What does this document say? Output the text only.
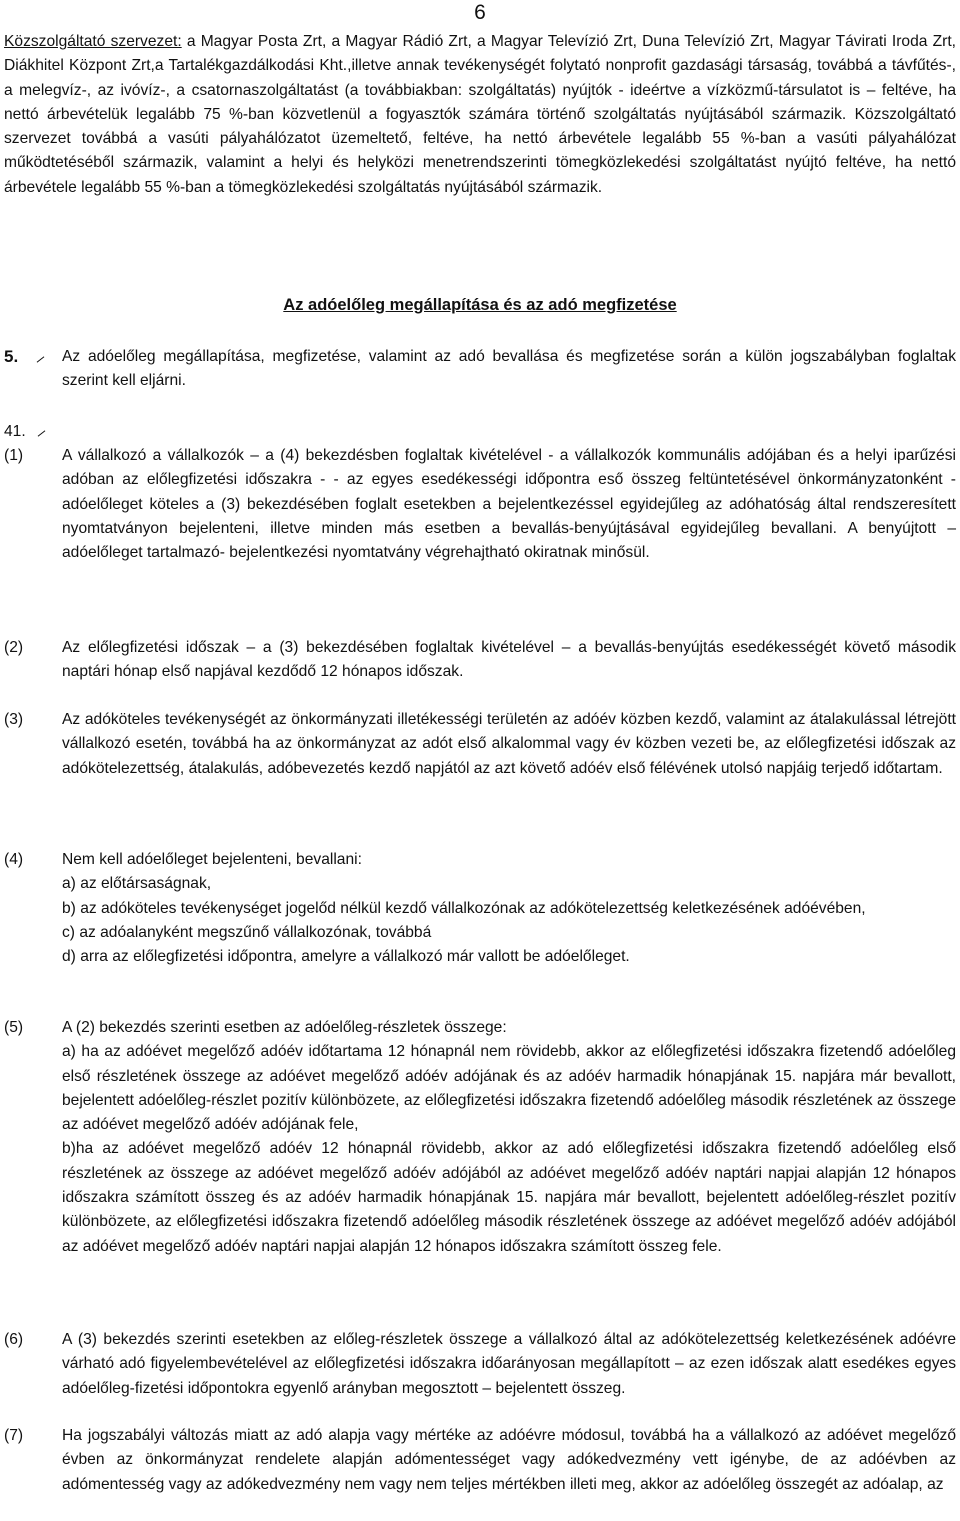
6

Közszolgáltató szervezet: a Magyar Posta Zrt, a Magyar Rádió Zrt, a Magyar Televízió Zrt, Duna Televízió Zrt, Magyar Távirati Iroda Zrt, Diákhitel Központ Zrt,a Tartalékgazdálkodási Kht.,illetve annak tevékenységét folytató nonprofit gazdasági társaság, továbbá a távfűtés-, a melegvíz-, az ivóvíz-, a csatornaszolgáltatást (a továbbiakban: szolgáltatás) nyújtók - ideértve a vízközmű-társulatot is – feltéve, ha nettó árbevételük legalább 75 %-ban közvetlenül a fogyasztók számára történő szolgáltatás nyújtásából származik. Közszolgáltató szervezet továbbá a vasúti pályahálózatot üzemeltető, feltéve, ha nettó árbevétele legalább 55 %-ban a vasúti pályahálózat működtetéséből származik, valamint a helyi és helyközi menetrendszerinti tömegközlekedési szolgáltatást nyújtó feltéve, ha nettó árbevétele legalább 55 %-ban a tömegközlekedési szolgáltatás nyújtásából származik.

Az adóelőleg megállapítása és az adó megfizetése
5.	Az adóelőleg megállapítása, megfizetése, valamint az adó bevallása és megfizetése során a külön jogszabályban foglaltak szerint kell eljárni.

41.
(1) A vállalkozó a vállalkozók – a (4) bekezdésben foglaltak kivételével - a vállalkozók kommunális adójában és a helyi iparűzési adóban az előlegfizetési időszakra - - az egyes esedékességi időpontra eső összeg feltüntetésével önkormányzatonként - adóelőleget köteles a (3) bekezdésében foglalt esetekben a bejelentkezéssel egyidejűleg az adóhatóság által rendszeresített nyomtatványon bejelenteni, illetve minden más esetben a bevallás-benyújtásával egyidejűleg bevallani. A benyújtott – adóelőleget tartalmazó- bejelentkezési nyomtatvány végrehajtható okiratnak minősül.

(2) Az előlegfizetési időszak – a (3) bekezdésében foglaltak kivételével – a bevallás-benyújtás esedékességét követő második naptári hónap első napjával kezdődő 12 hónapos időszak.

(3) Az adóköteles tevékenységét az önkormányzati illetékességi területén az adóév közben kezdő, valamint az átalakulással létrejött vállalkozó esetén, továbbá ha az önkormányzat az adót első alkalommal vagy év közben vezeti be, az előlegfizetési időszak az adókötelezettség, átalakulás, adóbevezetés kezdő napjától az azt követő adóév első félévének utolsó napjáig terjedő időtartam.

(4) Nem kell adóelőleget bejelenteni, bevallani:

a) az előtársaságnak,

b) az adóköteles tevékenységet jogelőd nélkül kezdő vállalkozónak az adókötelezettség keletkezésének adóévében,

c) az adóalanyként megszűnő vállalkozónak, továbbá

d) arra az előlegfizetési időpontra, amelyre a vállalkozó már vallott be adóelőleget.

(5) A (2) bekezdés szerinti esetben az adóelőleg-részletek összege:

a) ha az adóévet megelőző adóév időtartama 12 hónapnál nem rövidebb, akkor az előlegfizetési időszakra fizetendő adóelőleg első részletének összege az adóévet megelőző adóév adójának és az adóév harmadik hónapjának 15. napjára már bevallott, bejelentett adóelőleg-részlet pozitív különbözete, az előlegfizetési időszakra fizetendő adóelőleg második részletének az összege az adóévet megelőző adóév adójának fele,

b)ha az adóévet megelőző adóév 12 hónapnál rövidebb, akkor az adó előlegfizetési időszakra fizetendő adóelőleg első részletének az összege az adóévet megelőző adóév adójából az adóévet megelőző adóév naptári napjai alapján 12 hónapos időszakra számított összeg és az adóév harmadik hónapjának 15. napjára már bevallott, bejelentett adóelőleg-részlet pozitív különbözete, az előlegfizetési időszakra fizetendő adóelőleg második részletének összege az adóévet megelőző adóév adójából az adóévet megelőző adóév naptári napjai alapján 12 hónapos időszakra számított összeg fele.

(6) A (3) bekezdés szerinti esetekben az előleg-részletek összege a vállalkozó által az adókötelezettség keletkezésének adóévre várható adó figyelembevételével az előlegfizetési időszakra időarányosan megállapított – az ezen időszak alatt esedékes egyes adóelőleg-fizetési időpontokra egyenlő arányban megosztott – bejelentett összeg.

(7) Ha jogszabályi változás miatt az adó alapja vagy mértéke az adóévre módosul, továbbá ha a vállalkozó az adóévet megelőző évben az önkormányzat rendelete alapján adómentességet vagy adókedvezmény vett igénybe, de az adóévben az adómentesség vagy az adókedvezmény nem vagy nem teljes mértékben illeti meg, akkor az adóelőleg összegét az adóalap, az
